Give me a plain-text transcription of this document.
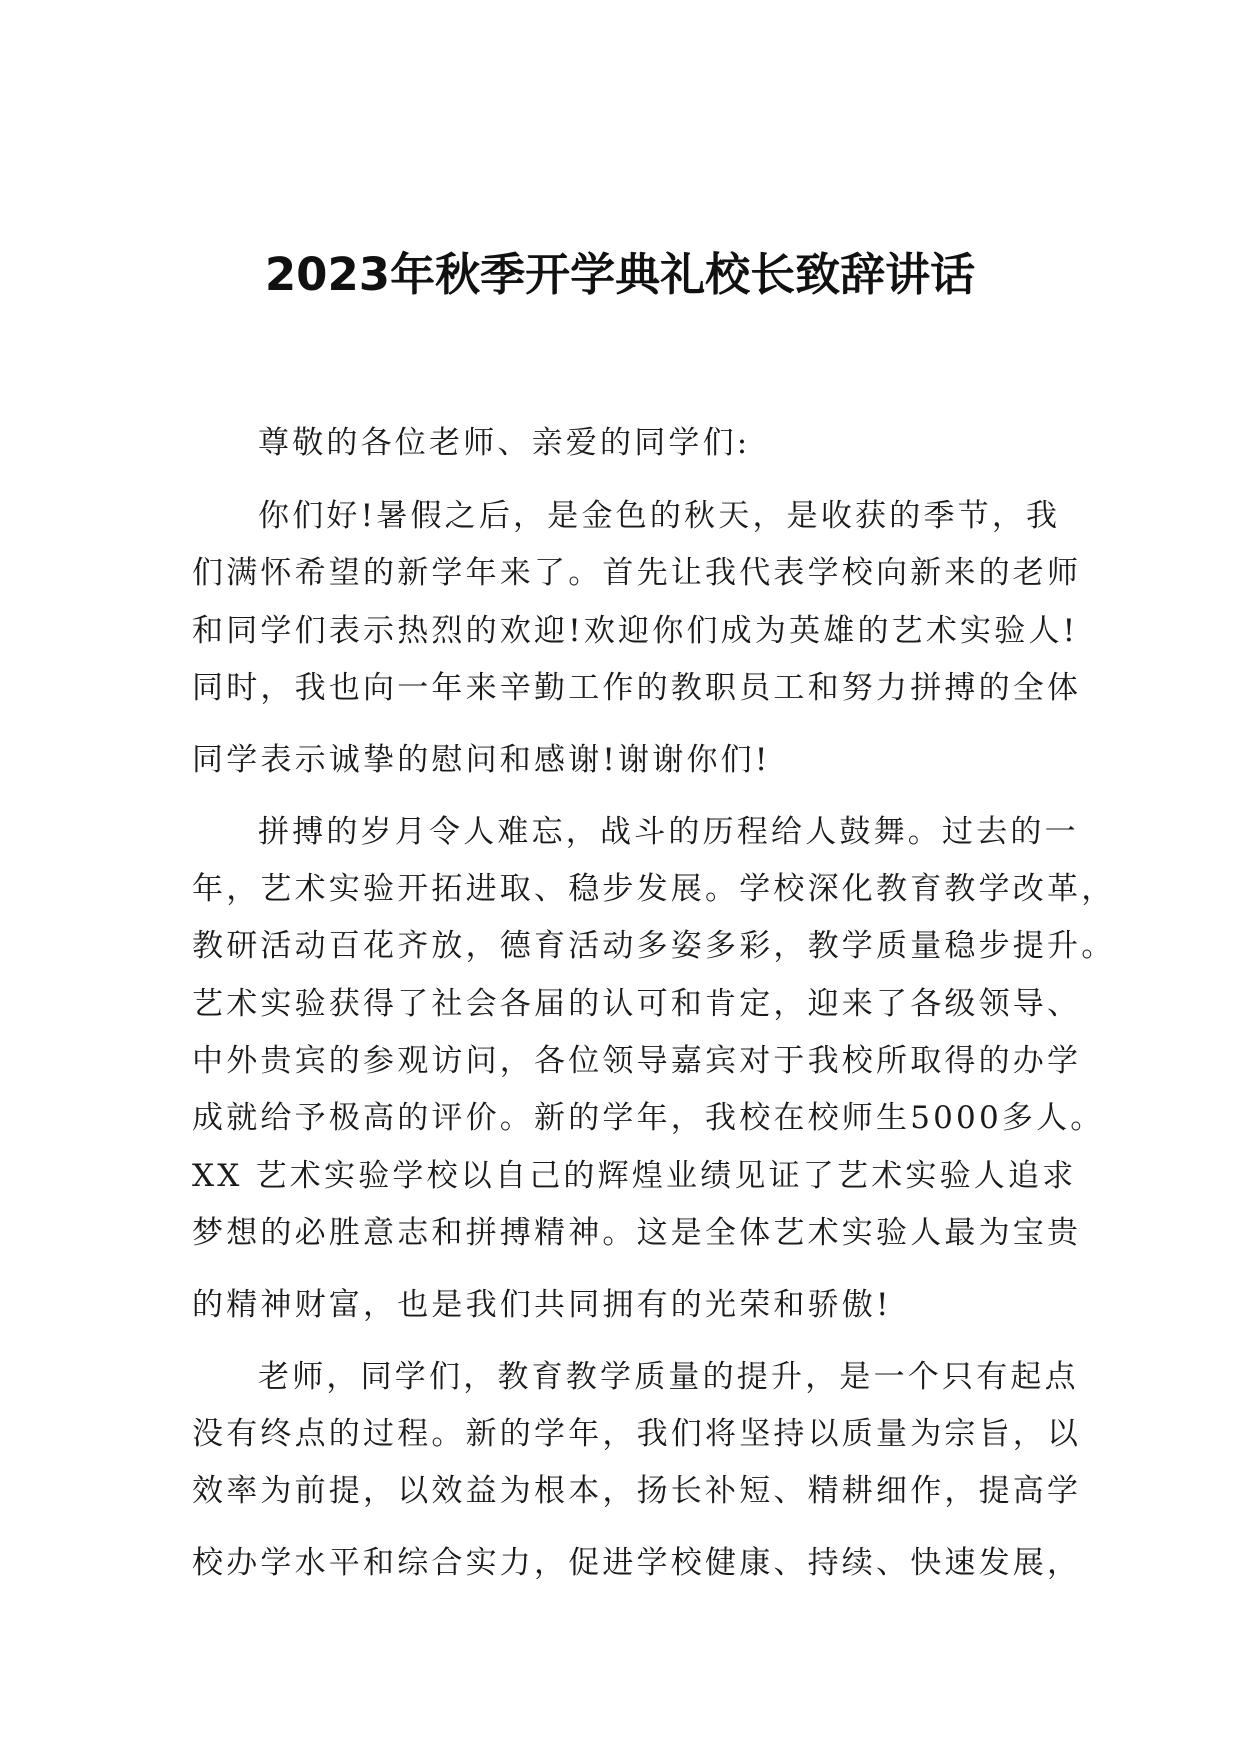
2023年秋季开学典礼校长致辞讲话

尊敬的各位老师、亲爱的同学们:

你们好!暑假之后，是金色的秋天，是收获的季节，我

们满怀希望的新学年来了。首先让我代表学校向新来的老师

和同学们表示热烈的欢迎!欢迎你们成为英雄的艺术实验人!

同时，我也向一年来辛勤工作的教职员工和努力拼搏的全体

同学表示诚挚的慰问和感谢!谢谢你们!

拼搏的岁月令人难忘，战斗的历程给人鼓舞。过去的一

年，艺术实验开拓进取、稳步发展。学校深化教育教学改革，

教研活动百花齐放，德育活动多姿多彩，教学质量稳步提升。

艺术实验获得了社会各届的认可和肯定，迎来了各级领导、

中外贵宾的参观访问，各位领导嘉宾对于我校所取得的办学

成就给予极高的评价。新的学年，我校在校师生5000多人。

XX 艺术实验学校以自己的辉煌业绩见证了艺术实验人追求

梦想的必胜意志和拼搏精神。这是全体艺术实验人最为宝贵

的精神财富，也是我们共同拥有的光荣和骄傲!

老师，同学们，教育教学质量的提升，是一个只有起点

没有终点的过程。新的学年，我们将坚持以质量为宗旨，以

效率为前提，以效益为根本，扬长补短、精耕细作，提高学

校办学水平和综合实力，促进学校健康、持续、快速发展，
